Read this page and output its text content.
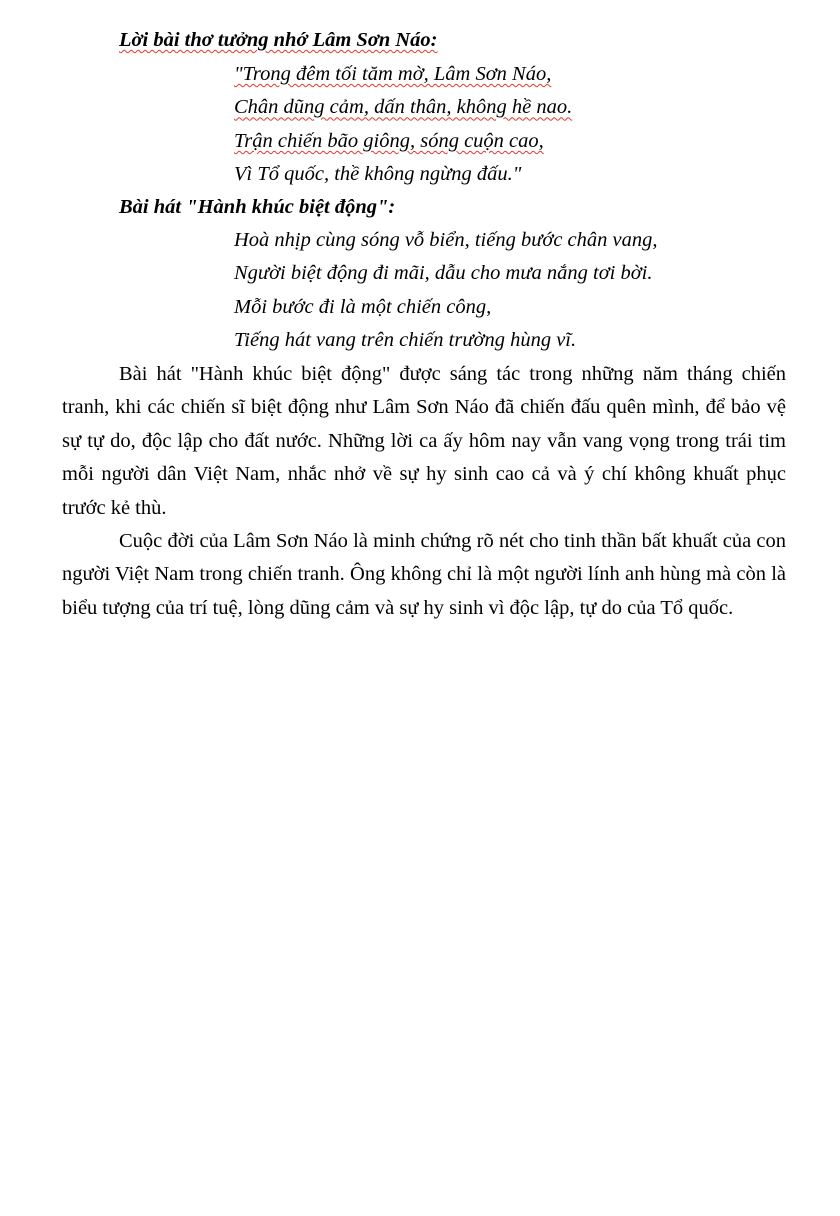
Lời bài thơ tưởng nhớ Lâm Sơn Náo:
"Trong đêm tối tăm mờ, Lâm Sơn Náo,
Chân dũng cảm, dấn thân, không hề nao.
Trận chiến bão giông, sóng cuộn cao,
Vì Tổ quốc, thề không ngừng đấu."
Bài hát "Hành khúc biệt động":
Hoà nhịp cùng sóng vỗ biển, tiếng bước chân vang,
Người biệt động đi mãi, dẫu cho mưa nắng tơi bời.
Mỗi bước đi là một chiến công,
Tiếng hát vang trên chiến trường hùng vĩ.

Bài hát "Hành khúc biệt động" được sáng tác trong những năm tháng chiến tranh, khi các chiến sĩ biệt động như Lâm Sơn Náo đã chiến đấu quên mình, để bảo vệ sự tự do, độc lập cho đất nước. Những lời ca ấy hôm nay vẫn vang vọng trong trái tim mỗi người dân Việt Nam, nhắc nhở về sự hy sinh cao cả và ý chí không khuất phục trước kẻ thù.

Cuộc đời của Lâm Sơn Náo là minh chứng rõ nét cho tinh thần bất khuất của con người Việt Nam trong chiến tranh. Ông không chỉ là một người lính anh hùng mà còn là biểu tượng của trí tuệ, lòng dũng cảm và sự hy sinh vì độc lập, tự do của Tổ quốc.
